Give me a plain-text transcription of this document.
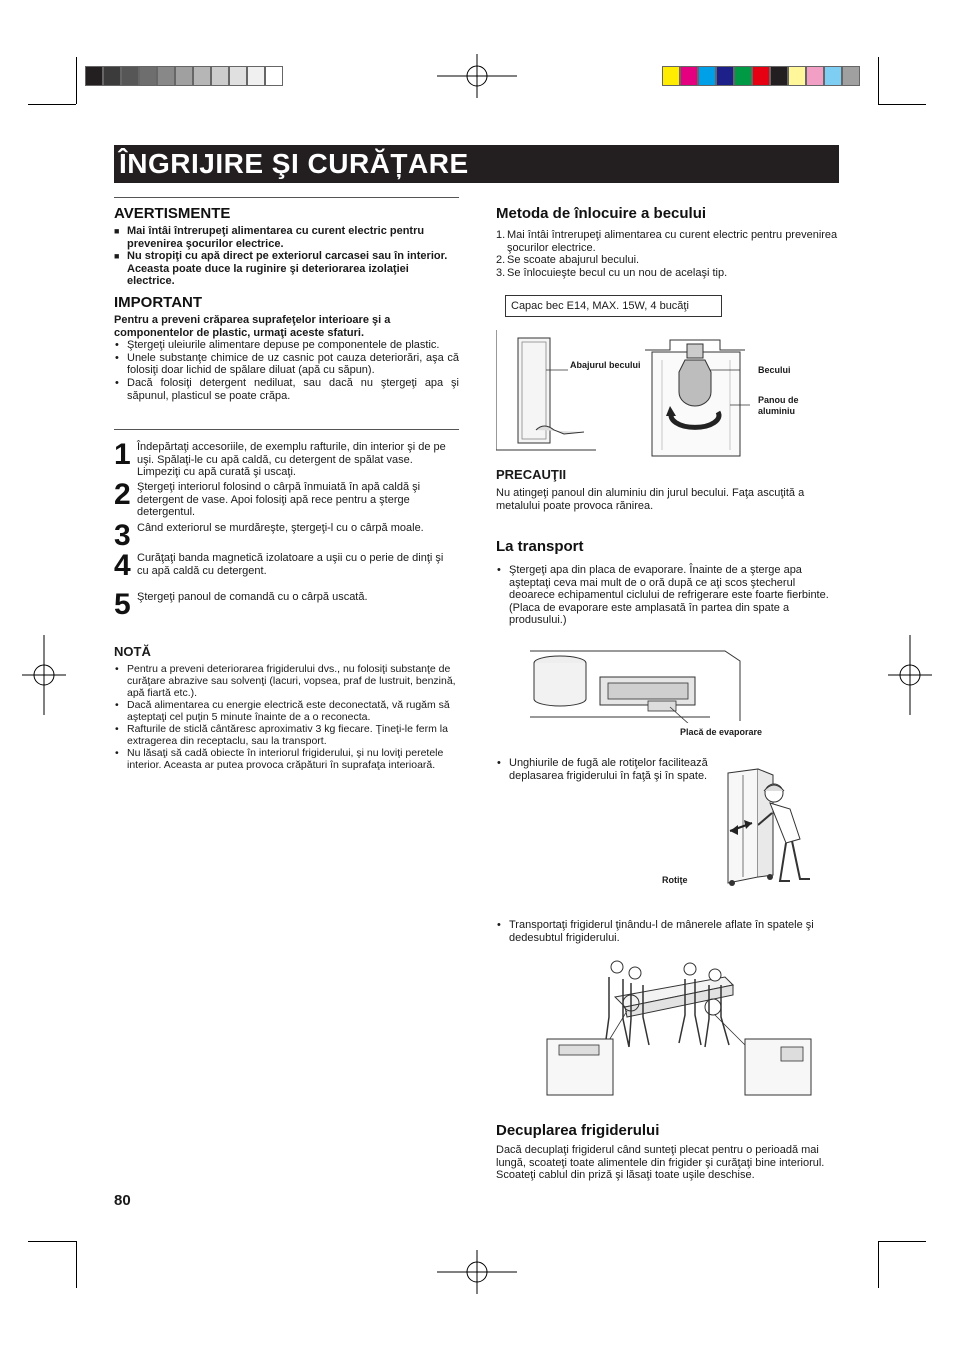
ÎNGRIJIRE ŞI CURĂȚARE
AVERTISMENTE
■ Mai întâi întrerupeţi alimentarea cu curent electric pentru prevenirea şocurilor electrice.
■ Nu stropiţi cu apă direct pe exteriorul carcasei sau în interior. Aceasta poate duce la ruginire şi deteriorarea izolaţiei electrice.
IMPORTANT
Pentru a preveni crăparea suprafeţelor interioare şi a componentelor de plastic, urmaţi aceste sfaturi.
• Ştergeţi uleiurile alimentare depuse pe componentele de plastic.
• Unele substanţe chimice de uz casnic pot cauza deteriorări, aşa că folosiţi doar lichid de spălare diluat (apă cu săpun).
• Dacă folosiţi detergent nediluat, sau dacă nu ştergeţi apa şi săpunul, plasticul se poate crăpa.
1 Îndepărtaţi accesoriile, de exemplu rafturile, din interior şi de pe uşi. Spălaţi-le cu apă caldă, cu detergent de spălat vase. Limpeziţi cu apă curată şi uscaţi.
2 Ştergeţi interiorul folosind o cârpă înmuiată în apă caldă şi detergent de vase. Apoi folosiţi apă rece pentru a şterge detergentul.
3 Când exteriorul se murdăreşte, ştergeţi-l cu o cârpă moale.
4 Curăţaţi banda magnetică izolatoare a uşii cu o perie de dinţi şi cu apă caldă cu detergent.
5 Ştergeţi panoul de comandă cu o cârpă uscată.
NOTĂ
• Pentru a preveni deteriorarea frigiderului dvs., nu folosiţi substanţe de curăţare abrazive sau solvenţi (lacuri, vopsea, praf de lustruit, benzină, apă fiartă etc.).
• Dacă alimentarea cu energie electrică este deconectată, vă rugăm să aşteptaţi cel puţin 5 minute înainte de a o reconecta.
• Rafturile de sticlă cântăresc aproximativ 3 kg fiecare. Ţineţi-le ferm la extragerea din receptaclu, sau la transport.
• Nu lăsaţi să cadă obiecte în interiorul frigiderului, şi nu loviţi peretele interior. Aceasta ar putea provoca crăpături în suprafaţa interioară.
80
Metoda de înlocuire a becului
1. Mai întâi întrerupeţi alimentarea cu curent electric pentru prevenirea şocurilor electrice.
2. Se scoate abajurul becului.
3. Se înlocuieşte becul cu un nou de acelaşi tip.
Capac bec E14, MAX. 15W, 4 bucăţi
Abajurul becului	Becului
Panou de aluminiu
PRECAUŢII
Nu atingeţi panoul din aluminiu din jurul becului. Faţa ascuţită a metalului poate provoca rănirea.
La transport
• Ştergeţi apa din placa de evaporare. Înainte de a şterge apa aşteptaţi ceva mai mult de o oră după ce aţi scos ştecherul deoarece echipamentul ciclului de refrigerare este foarte fierbinte. (Placa de evaporare este amplasată în partea din spate a produsului.)
Placă de evaporare
• Unghiurile de fugă ale rotiţelor facilitează deplasarea frigiderului în faţă şi în spate.
Rotiţe
• Transportaţi frigiderul ţinându-l de mânerele aflate în spatele şi dedesubtul frigiderului.
Decuplarea frigiderului
Dacă decuplaţi frigiderul când sunteţi plecat pentru o perioadă mai lungă, scoateţi toate alimentele din frigider şi curăţaţi bine interiorul. Scoateţi cablul din priză şi lăsaţi toate uşile deschise.
